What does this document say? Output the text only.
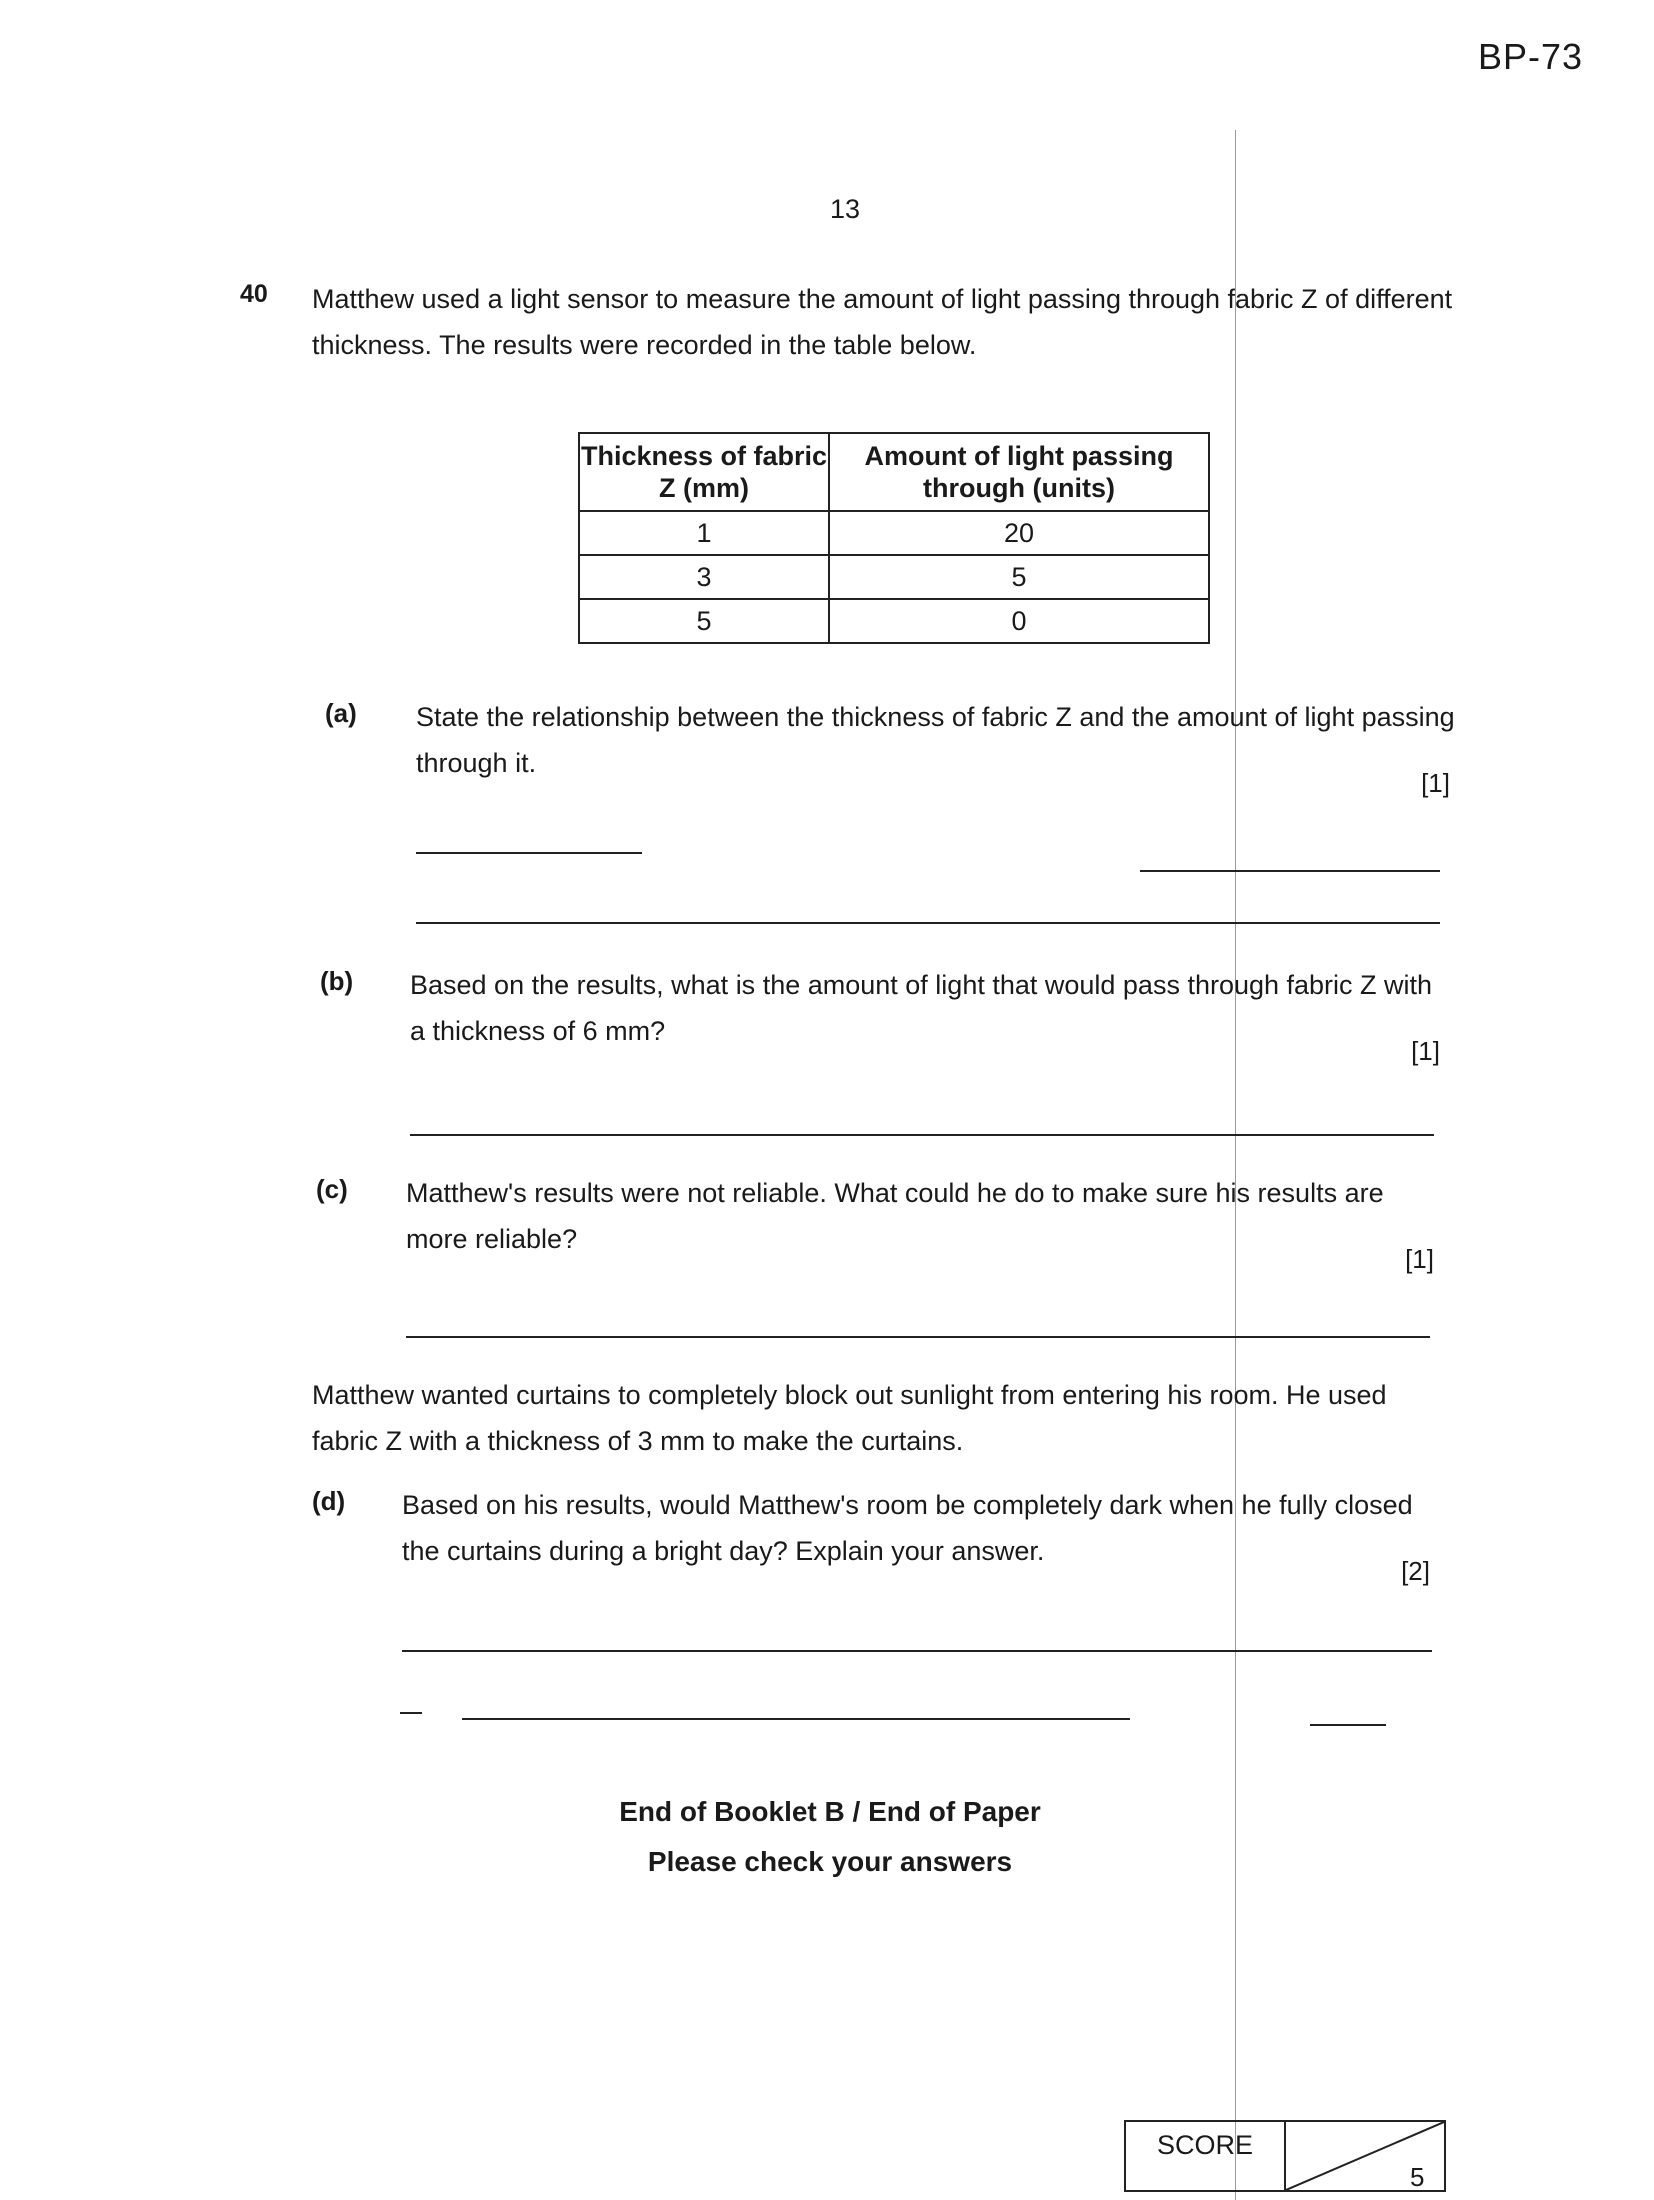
BP-73
13
40 Matthew used a light sensor to measure the amount of light passing through fabric Z of different thickness. The results were recorded in the table below.
Thickness of fabric Z (mm)	Amount of light passing through (units)
1	20
3	5
5	0
(a) State the relationship between the thickness of fabric Z and the amount of light passing through it.
[1]
(b) Based on the results, what is the amount of light that would pass through fabric Z with a thickness of 6 mm?
[1]
(c) Matthew's results were not reliable. What could he do to make sure his results are more reliable?
[1]
Matthew wanted curtains to completely block out sunlight from entering his room. He used fabric Z with a thickness of 3 mm to make the curtains.
(d) Based on his results, would Matthew's room be completely dark when he fully closed the curtains during a bright day? Explain your answer.
[2]
End of Booklet B / End of Paper
Please check your answers
SCORE
5
